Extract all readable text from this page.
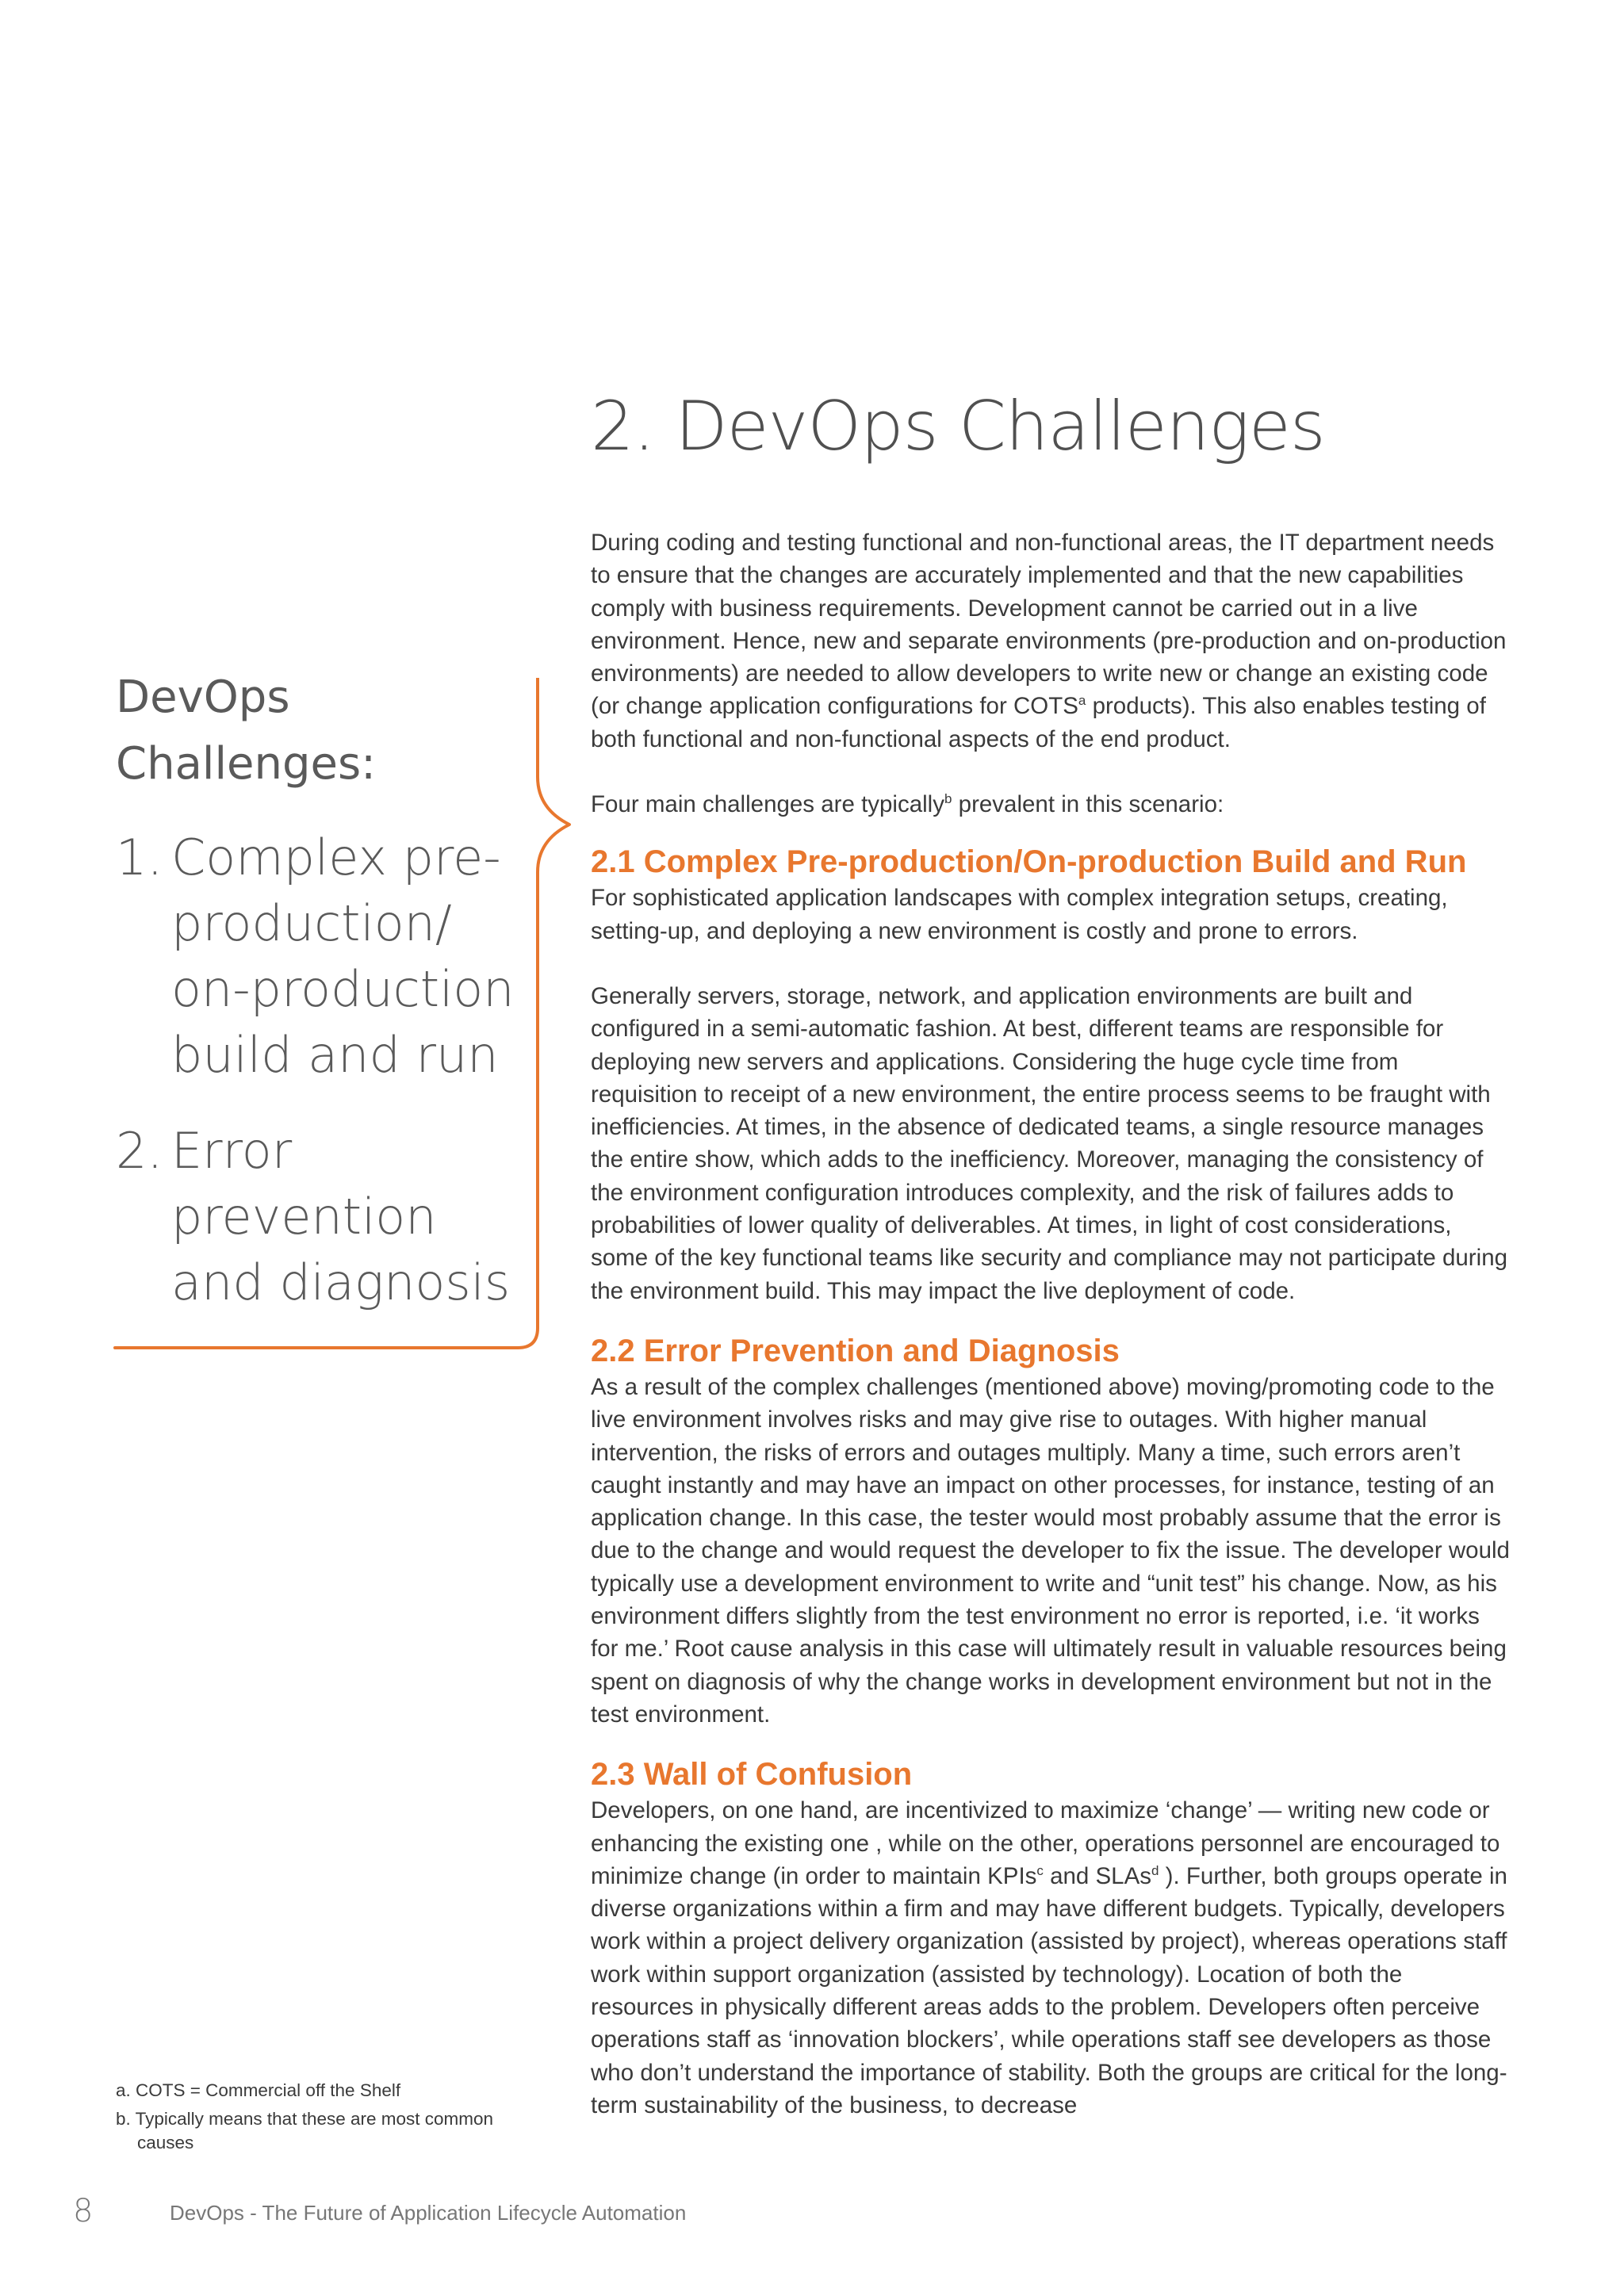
2. DevOps Challenges
DevOps
Challenges:
1. Complex pre-
production/
on-production
build and run
2. Error prevention
and diagnosis

During coding and testing functional and non-functional areas, the IT department needs to ensure that the changes are accurately implemented and that the new capabilities comply with business requirements. Development cannot be carried out in a live environment. Hence, new and separate environments (pre-production and on-production environments) are needed to allow developers to write new or change an existing code (or change application configurations for COTS$^a$ products). This also enables testing of both functional and non-functional aspects of the end product.

Four main challenges are typically$^b$ prevalent in this scenario:

2.1 Complex Pre-production/On-production Build and Run

For sophisticated application landscapes with complex integration setups, creating, setting-up, and deploying a new environment is costly and prone to errors.

Generally servers, storage, network, and application environments are built and configured in a semi-automatic fashion. At best, different teams are responsible for deploying new servers and applications. Considering the huge cycle time from requisition to receipt of a new environment, the entire process seems to be fraught with inefficiencies. At times, in the absence of dedicated teams, a single resource manages the entire show, which adds to the inefficiency. Moreover, managing the consistency of the environment configuration introduces complexity, and the risk of failures adds to probabilities of lower quality of deliverables. At times, in light of cost considerations, some of the key functional teams like security and compliance may not participate during the environment build. This may impact the live deployment of code.

2.2 Error Prevention and Diagnosis

As a result of the complex challenges (mentioned above) moving/promoting code to the live environment involves risks and may give rise to outages. With higher manual intervention, the risks of errors and outages multiply. Many a time, such errors aren’t caught instantly and may have an impact on other processes, for instance, testing of an application change. In this case, the tester would most probably assume that the error is due to the change and would request the developer to fix the issue. The developer would typically use a development environment to write and “unit test” his change. Now, as his environment differs slightly from the test environment no error is reported, i.e. ‘it works for me.’ Root cause analysis in this case will ultimately result in valuable resources being spent on diagnosis of why the change works in development environment but not in the test environment.

2.3 Wall of Confusion

Developers, on one hand, are incentivized to maximize ‘change’ — writing new code or enhancing the existing one , while on the other, operations personnel are encouraged to minimize change (in order to maintain KPIs$^c$ and SLAs$^d$ ). Further, both groups operate in diverse organizations within a firm and may have different budgets. Typically, developers work within a project delivery organization (assisted by project), whereas operations staff work within support organization (assisted by technology). Location of both the resources in physically different areas adds to the problem. Developers often perceive operations staff as ‘innovation blockers’, while operations staff see developers as those who don’t understand the importance of stability. Both the groups are critical for the long-term sustainability of the business, to decrease

a. COTS = Commercial off the Shelf
b. Typically means that these are most common causes
8	DevOps - The Future of Application Lifecycle Automation
